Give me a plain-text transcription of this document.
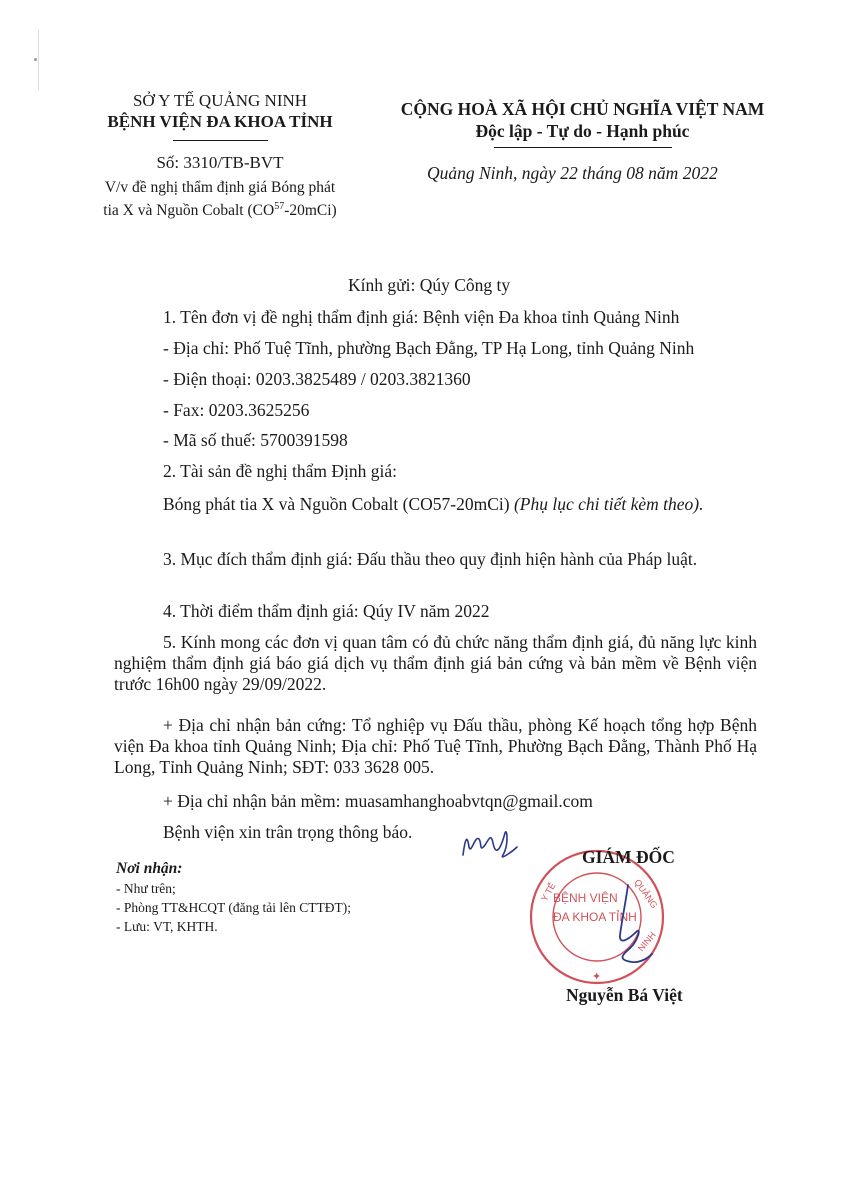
SỞ Y TẾ QUẢNG NINH
BỆNH VIỆN ĐA KHOA TỈNH
Số: 3310/TB-BVT
V/v đề nghị thẩm định giá Bóng phát
tia X và Nguồn Cobalt (CO$^{57}$-20mCi)
CỘNG HOÀ XÃ HỘI CHỦ NGHĨA VIỆT NAM
Độc lập - Tự do - Hạnh phúc
Quảng Ninh, ngày 22 tháng 08 năm 2022
Kính gửi: Qúy Công ty
1. Tên đơn vị đề nghị thẩm định giá: Bệnh viện Đa khoa tỉnh Quảng Ninh
- Địa chỉ: Phố Tuệ Tĩnh, phường Bạch Đằng, TP Hạ Long, tỉnh Quảng Ninh
- Điện thoại: 0203.3825489 / 0203.3821360
- Fax: 0203.3625256
- Mã số thuế: 5700391598
2. Tài sản đề nghị thẩm Định giá:
Bóng phát tia X và Nguồn Cobalt (CO57-20mCi) (Phụ lục chi tiết kèm theo).
3. Mục đích thẩm định giá: Đấu thầu theo quy định hiện hành của Pháp luật.
4. Thời điểm thẩm định giá: Qúy IV năm 2022
5. Kính mong các đơn vị quan tâm có đủ chức năng thẩm định giá, đủ năng lực kinh nghiệm thẩm định giá báo giá dịch vụ thẩm định giá bản cứng và bản mềm về Bệnh viện trước 16h00 ngày 29/09/2022.
+ Địa chỉ nhận bản cứng: Tổ nghiệp vụ Đấu thầu, phòng Kế hoạch tổng hợp Bệnh viện Đa khoa tỉnh Quảng Ninh; Địa chỉ: Phố Tuệ Tĩnh, Phường Bạch Đằng, Thành Phố Hạ Long, Tỉnh Quảng Ninh; SĐT: 033 3628 005.
+ Địa chỉ nhận bản mềm: muasamhanghoabvtqn@gmail.com
Bệnh viện xin trân trọng thông báo.
Nơi nhận:
- Như trên;
- Phòng TT&HCQT (đăng tải lên CTTĐT);
- Lưu: VT, KHTH.
Y TẾ	QUẢNG
NINH
✦
BỆNH VIỆN
ĐA KHOA TỈNH
GIÁM ĐỐC
Nguyễn Bá Việt
